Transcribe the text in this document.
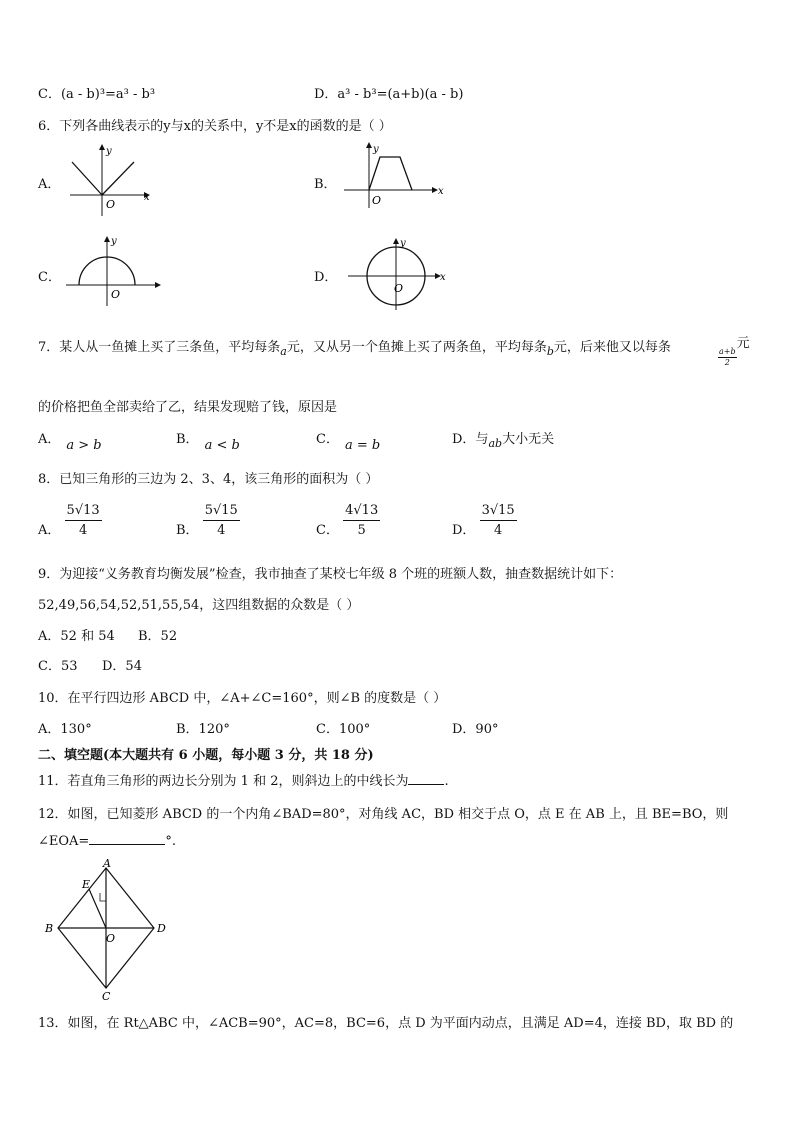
C．(a - b)³=a³ - b³	D．a³ - b³=(a+b)(a - b)
6．下列各曲线表示的y与x的关系中，y不是x的函数的是（ ）
A．
y
x
O
B．
y
x
O
C．
y
O
D．
y
x
O
7．某人从一鱼摊上买了三条鱼，平均每条$_a$元，又从另一个鱼摊上买了两条鱼，平均每条$_b$元，后来他又以每条
$\frac{a+b}{2}$
元
的价格把鱼全部卖给了乙，结果发现赔了钱，原因是
A． a > b	B． a < b	C． a = b	D．与$_{ab}$大小无关
8．已知三角形的三边为 2、3、4，该三角形的面积为（ ）
A． $\frac{5√13}{4}$	B． $\frac{5√15}{4}$	C． $\frac{4√13}{5}$	D． $\frac{3√15}{4}$
9．为迎接“义务教育均衡发展”检查，我市抽查了某校七年级 8 个班的班额人数，抽查数据统计如下：
52,49,56,54,52,51,55,54，这四组数据的众数是（ ）
A．52 和 54 B．52
C．53 D．54
10．在平行四边形 ABCD 中，∠A+∠C=160°，则∠B 的度数是（ ）
A．130°	B．120°	C．100°	D．90°
二、填空题(本大题共有 6 小题，每小题 3 分，共 18 分)
11．若直角三角形的两边长分别为 1 和 2，则斜边上的中线长为	.
12．如图，已知菱形 ABCD 的一个内角∠BAD=80°，对角线 AC，BD 相交于点 O，点 E 在 AB 上，且 BE=BO，则
∠EOA=	°.
A
B
C
D
E
O
13．如图，在 Rt△ABC 中，∠ACB=90°，AC=8，BC=6，点 D 为平面内动点，且满足 AD=4，连接 BD，取 BD 的
